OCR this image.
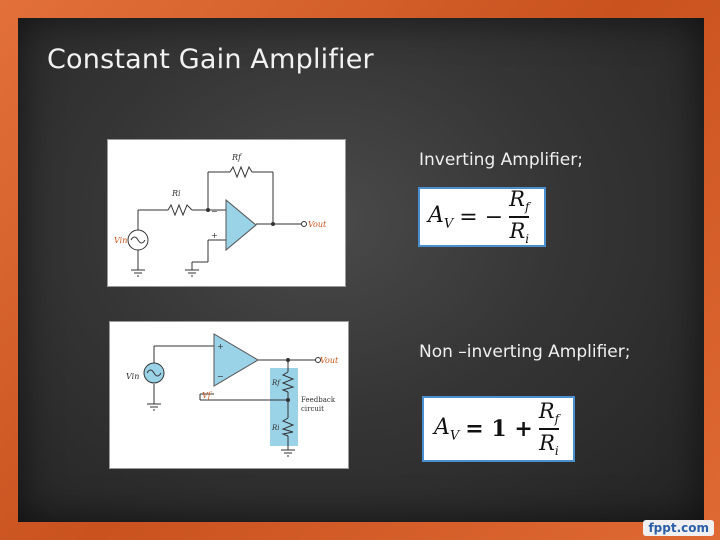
Constant Gain Amplifier
Rf
Ri
Vin
Vout
−
+
Inverting Amplifier;
$A_V$ = − $\frac{R_f}{R_i}$
Vin
Vf
Vout
Rf
Ri
Feedback
circuit
+
−
Non –inverting Amplifier;
$A_V = 1 + \frac{R_f}{R_i}$
fppt.com
